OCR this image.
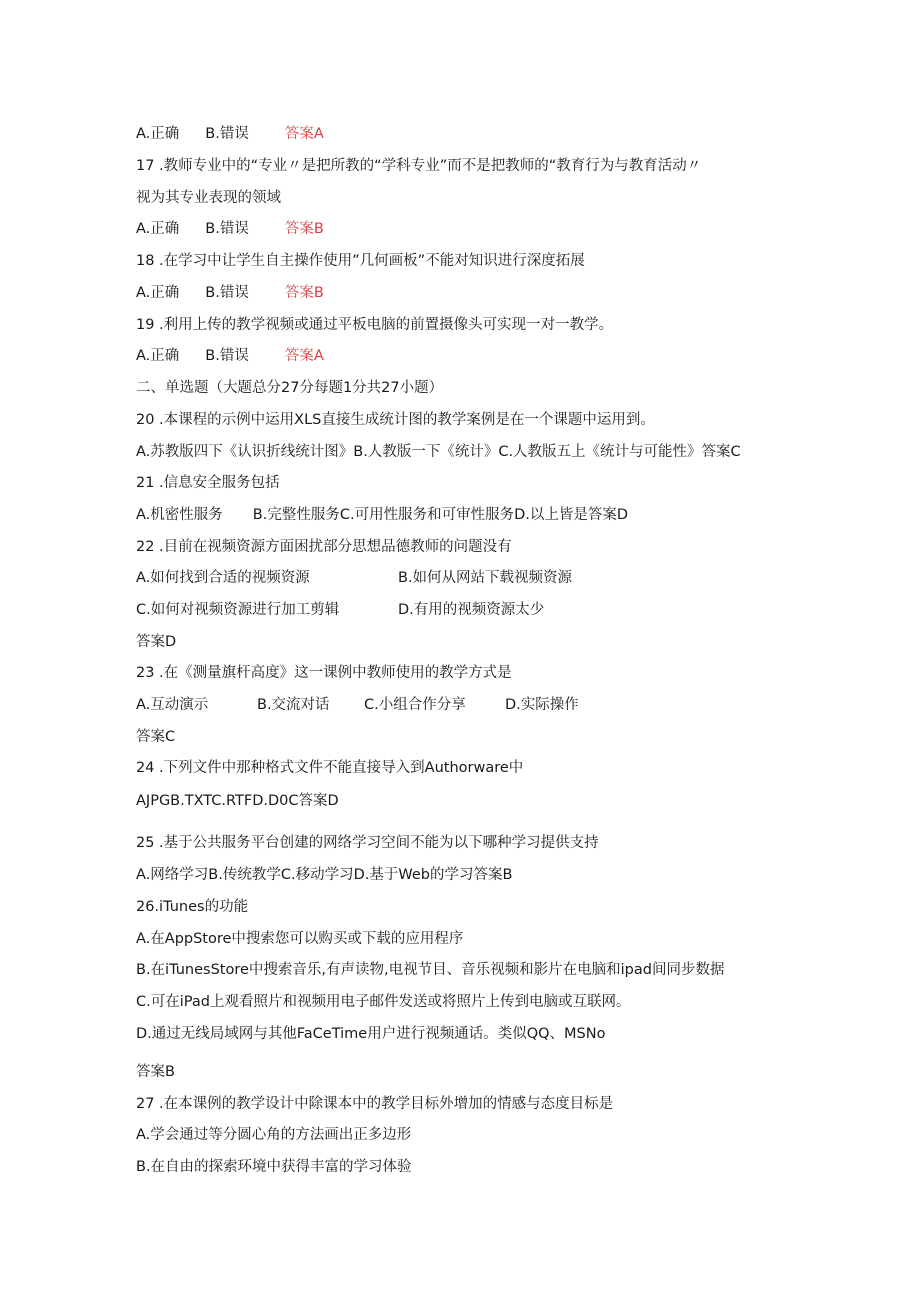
A.正确 B.错误 答案A
17 .教师专业中的“专业〃是把所教的“学科专业”而不是把教师的“教育行为与教育活动〃
视为其专业表现的领域
A.正确 B.错误 答案B
18 .在学习中让学生自主操作使用”几何画板”不能对知识进行深度拓展
A.正确 B.错误 答案B
19 .利用上传的教学视频或通过平板电脑的前置摄像头可实现一对一教学。
A.正确 B.错误 答案A
二、单选题（大题总分27分每题1分共27小题）
20 .本课程的示例中运用XLS直接生成统计图的教学案例是在一个课题中运用到。
A.苏教版四下《认识折线统计图》B.人教版一下《统计》C.人教版五上《统计与可能性》答案C
21 .信息安全服务包括
A.机密性服务 B.完整性服务C.可用性服务和可审性服务D.以上皆是答案D
22 .目前在视频资源方面困扰部分思想品德教师的问题没有
A.如何找到合适的视频资源	B.如何从网站下载视频资源
C.如何对视频资源进行加工剪辑	D.有用的视频资源太少
答案D
23 .在《测量旗杆高度》这一课例中教师使用的教学方式是
A.互动演示	B.交流对话 C.小组合作分享	D.实际操作
答案C
24 .下列文件中那种格式文件不能直接导入到Authorware中
AJPGB.TXTC.RTFD.D0C答案D
25 .基于公共服务平台创建的网络学习空间不能为以下哪种学习提供支持
A.网络学习B.传统教学C.移动学习D.基于Web的学习答案B
26.iTunes的功能
A.在AppStore中搜索您可以购买或下载的应用程序
B.在iTunesStore中搜索音乐,有声读物,电视节目、音乐视频和影片在电脑和ipad间同步数据
C.可在iPad上观看照片和视频用电子邮件发送或将照片上传到电脑或互联网。
D.通过无线局域网与其他FaCeTime用户进行视频通话。类似QQ、MSNo
答案B
27 .在本课例的教学设计中除课本中的教学目标外增加的情感与态度目标是
A.学会通过等分圆心角的方法画出正多边形
B.在自由的探索环境中获得丰富的学习体验
